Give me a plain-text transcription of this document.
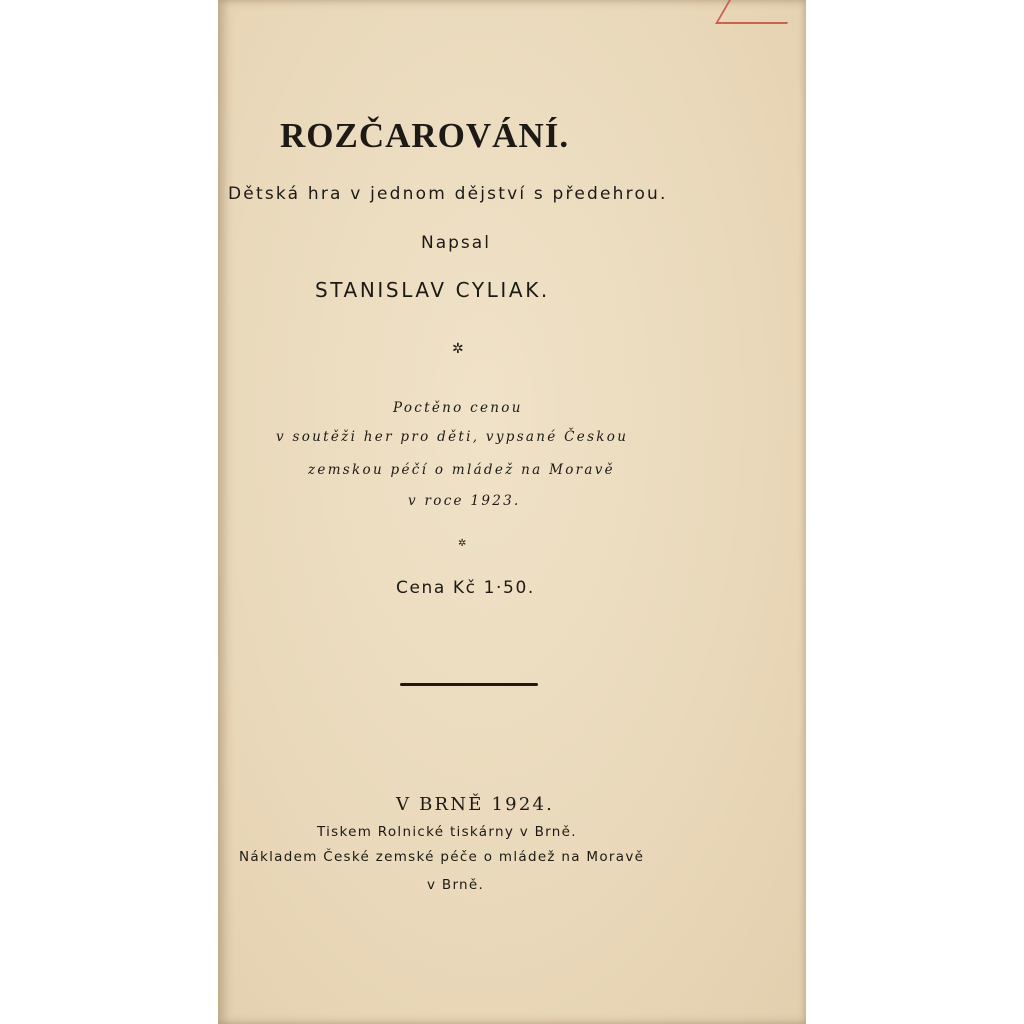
ROZČAROVÁNÍ.
Dětská hra v jednom dějství s předehrou.
Napsal
STANISLAV CYLIAK.
✲
Poctěno cenou
v soutěži her pro děti, vypsané Českou
zemskou péčí o mládež na Moravě
v roce 1923.
✲
Cena Kč 1·50.
V BRNĚ 1924.
Tiskem Rolnické tiskárny v Brně.
Nákladem České zemské péče o mládež na Moravě
v Brně.
